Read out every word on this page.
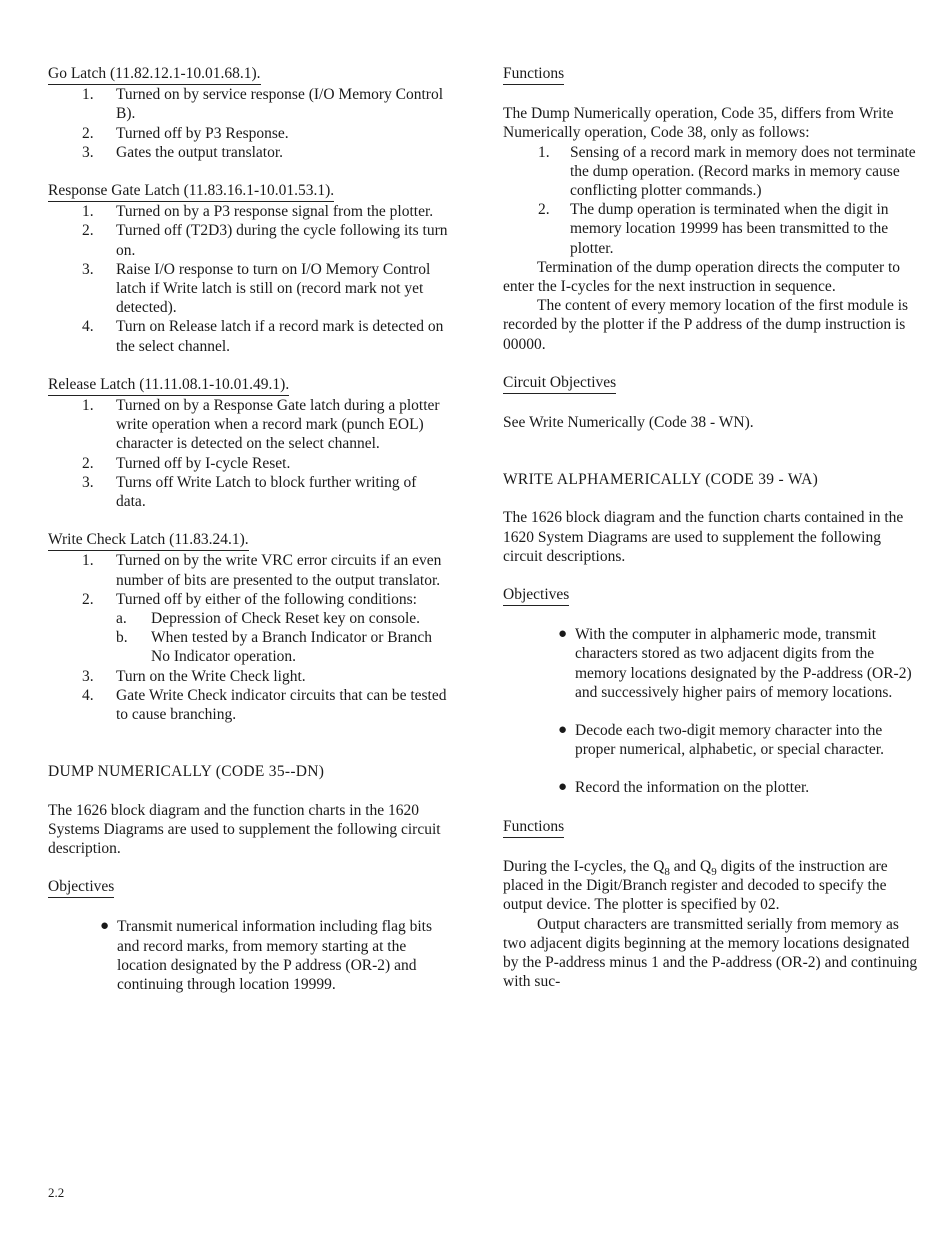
Go Latch (11.82.12.1-10.01.68.1).
1. Turned on by service response (I/O Memory Control B).
2. Turned off by P3 Response.
3. Gates the output translator.
Response Gate Latch (11.83.16.1-10.01.53.1).
1. Turned on by a P3 response signal from the plotter.
2. Turned off (T2D3) during the cycle following its turn on.
3. Raise I/O response to turn on I/O Memory Control latch if Write latch is still on (record mark not yet detected).
4. Turn on Release latch if a record mark is detected on the select channel.
Release Latch (11.11.08.1-10.01.49.1).
1. Turned on by a Response Gate latch during a plotter write operation when a record mark (punch EOL) character is detected on the select channel.
2. Turned off by I-cycle Reset.
3. Turns off Write Latch to block further writing of data.
Write Check Latch (11.83.24.1).
1. Turned on by the write VRC error circuits if an even number of bits are presented to the output translator.
2. Turned off by either of the following conditions:
a. Depression of Check Reset key on console.
b. When tested by a Branch Indicator or Branch No Indicator operation.
3. Turn on the Write Check light.
4. Gate Write Check indicator circuits that can be tested to cause branching.

DUMP NUMERICALLY (CODE 35--DN)

The 1626 block diagram and the function charts in the 1620 Systems Diagrams are used to supplement the following circuit description.

Objectives
● Transmit numerical information including flag bits and record marks, from memory starting at the location designated by the P address (OR-2) and continuing through location 19999.
Functions

The Dump Numerically operation, Code 35, differs from Write Numerically operation, Code 38, only as follows:

1. Sensing of a record mark in memory does not terminate the dump operation. (Record marks in memory cause conflicting plotter commands.)
2. The dump operation is terminated when the digit in memory location 19999 has been transmitted to the plotter.

Termination of the dump operation directs the computer to enter the I-cycles for the next instruction in sequence.

The content of every memory location of the first module is recorded by the plotter if the P address of the dump instruction is 00000.

Circuit Objectives

See Write Numerically (Code 38 - WN).

WRITE ALPHAMERICALLY (CODE 39 - WA)

The 1626 block diagram and the function charts contained in the 1620 System Diagrams are used to supplement the following circuit descriptions.

Objectives
● With the computer in alphameric mode, transmit characters stored as two adjacent digits from the memory locations designated by the P-address (OR-2) and successively higher pairs of memory locations.
● Decode each two-digit memory character into the proper numerical, alphabetic, or special character.
● Record the information on the plotter.
Functions

During the I-cycles, the $Q_8$ and $Q_9$ digits of the instruction are placed in the Digit/Branch register and decoded to specify the output device. The plotter is specified by 02.

Output characters are transmitted serially from memory as two adjacent digits beginning at the memory locations designated by the P-address minus 1 and the P-address (OR-2) and continuing with suc-

2.2
